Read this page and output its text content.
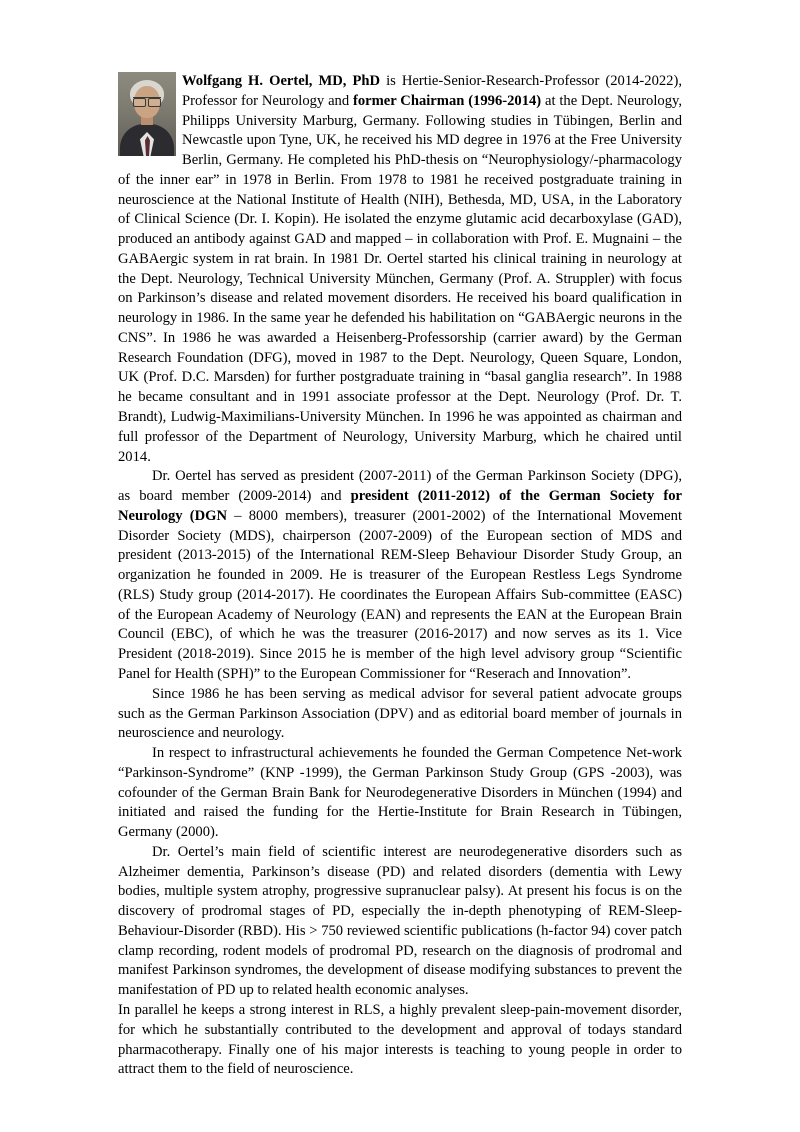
Wolfgang H. Oertel, MD, PhD is Hertie-Senior-Research-Professor (2014-2022), Professor for Neurology and former Chairman (1996-2014) at the Dept. Neurology, Philipps University Marburg, Germany. Following studies in Tübingen, Berlin and Newcastle upon Tyne, UK, he received his MD degree in 1976 at the Free University Berlin, Germany. He completed his PhD-thesis on “Neurophysiology/-pharmacology of the inner ear” in 1978 in Berlin. From 1978 to 1981 he received postgraduate training in neuroscience at the National Institute of Health (NIH), Bethesda, MD, USA, in the Laboratory of Clinical Science (Dr. I. Kopin). He isolated the enzyme glutamic acid decarboxylase (GAD), produced an antibody against GAD and mapped – in collaboration with Prof. E. Mugnaini – the GABAergic system in rat brain. In 1981 Dr. Oertel started his clinical training in neurology at the Dept. Neurology, Technical University München, Germany (Prof. A. Struppler) with focus on Parkinson’s disease and related movement disorders. He received his board qualification in neurology in 1986. In the same year he defended his habilitation on “GABAergic neurons in the CNS”. In 1986 he was awarded a Heisenberg-Professorship (carrier award) by the German Research Foundation (DFG), moved in 1987 to the Dept. Neurology, Queen Square, London, UK (Prof. D.C. Marsden) for further postgraduate training in “basal ganglia research”. In 1988 he became consultant and in 1991 associate professor at the Dept. Neurology (Prof. Dr. T. Brandt), Ludwig-Maximilians-University München. In 1996 he was appointed as chairman and full professor of the Department of Neurology, University Marburg, which he chaired until 2014.

Dr. Oertel has served as president (2007-2011) of the German Parkinson Society (DPG), as board member (2009-2014) and president (2011-2012) of the German Society for Neurology (DGN – 8000 members), treasurer (2001-2002) of the International Movement Disorder Society (MDS), chairperson (2007-2009) of the European section of MDS and president (2013-2015) of the International REM-Sleep Behaviour Disorder Study Group, an organization he founded in 2009. He is treasurer of the European Restless Legs Syndrome (RLS) Study group (2014-2017). He coordinates the European Affairs Sub-committee (EASC) of the European Academy of Neurology (EAN) and represents the EAN at the European Brain Council (EBC), of which he was the treasurer (2016-2017) and now serves as its 1. Vice President (2018-2019). Since 2015 he is member of the high level advisory group “Scientific Panel for Health (SPH)” to the European Commissioner for “Reserach and Innovation”.

Since 1986 he has been serving as medical advisor for several patient advocate groups such as the German Parkinson Association (DPV) and as editorial board member of journals in neuroscience and neurology.

In respect to infrastructural achievements he founded the German Competence Net-work “Parkinson-Syndrome” (KNP -1999), the German Parkinson Study Group (GPS -2003), was cofounder of the German Brain Bank for Neurodegenerative Disorders in München (1994) and initiated and raised the funding for the Hertie-Institute for Brain Research in Tübingen, Germany (2000).

Dr. Oertel’s main field of scientific interest are neurodegenerative disorders such as Alzheimer dementia, Parkinson’s disease (PD) and related disorders (dementia with Lewy bodies, multiple system atrophy, progressive supranuclear palsy). At present his focus is on the discovery of prodromal stages of PD, especially the in-depth phenotyping of REM-Sleep-Behaviour-Disorder (RBD). His > 750 reviewed scientific publications (h-factor 94) cover patch clamp recording, rodent models of prodromal PD, research on the diagnosis of prodromal and manifest Parkinson syndromes, the development of disease modifying substances to prevent the manifestation of PD up to related health economic analyses.

In parallel he keeps a strong interest in RLS, a highly prevalent sleep-pain-movement disorder, for which he substantially contributed to the development and approval of todays standard pharmacotherapy. Finally one of his major interests is teaching to young people in order to attract them to the field of neuroscience.
